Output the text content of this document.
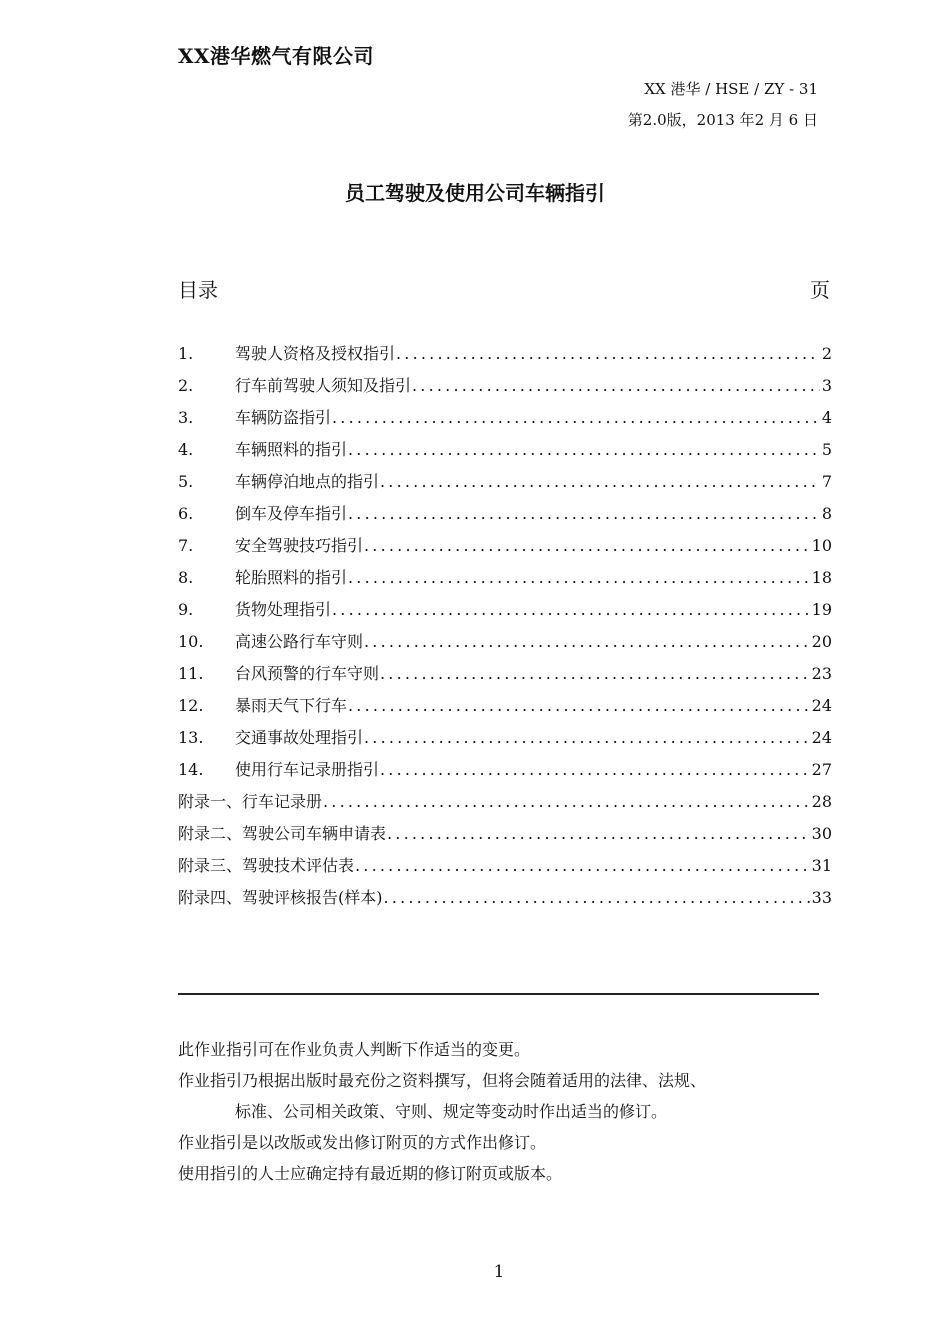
XX港华燃气有限公司
XX 港华 / HSE / ZY - 31
第2.0版，2013 年2 月 6 日
员工驾驶及使用公司车辆指引
目录	页
1.	驾驶人资格及授权指引 .....	2
2.	行车前驾驶人须知及指引 .....	3
3.	车辆防盗指引 .....	4
4.	车辆照料的指引 .....	5
5.	车辆停泊地点的指引 .....	7
6.	倒车及停车指引 .....	8
7.	安全驾驶技巧指引 .....	10
8.	轮胎照料的指引 .....	18
9.	货物处理指引 .....	19
10.	高速公路行车守则 .....	20
11.	台风预警的行车守则 .....	23
12.	暴雨天气下行车 .....	24
13.	交通事故处理指引 .....	24
14.	使用行车记录册指引 .....	27
附录一、行车记录册 .....	28
附录二、驾驶公司车辆申请表 .....	30
附录三、驾驶技术评估表 .....	31
附录四、驾驶评核报告(样本) .....	33
此作业指引可在作业负责人判断下作适当的变更。
作业指引乃根据出版时最充份之资料撰写，但将会随着适用的法律、法规、
标准、公司相关政策、守则、规定等变动时作出适当的修订。
作业指引是以改版或发出修订附页的方式作出修订。
使用指引的人士应确定持有最近期的修订附页或版本。
1
